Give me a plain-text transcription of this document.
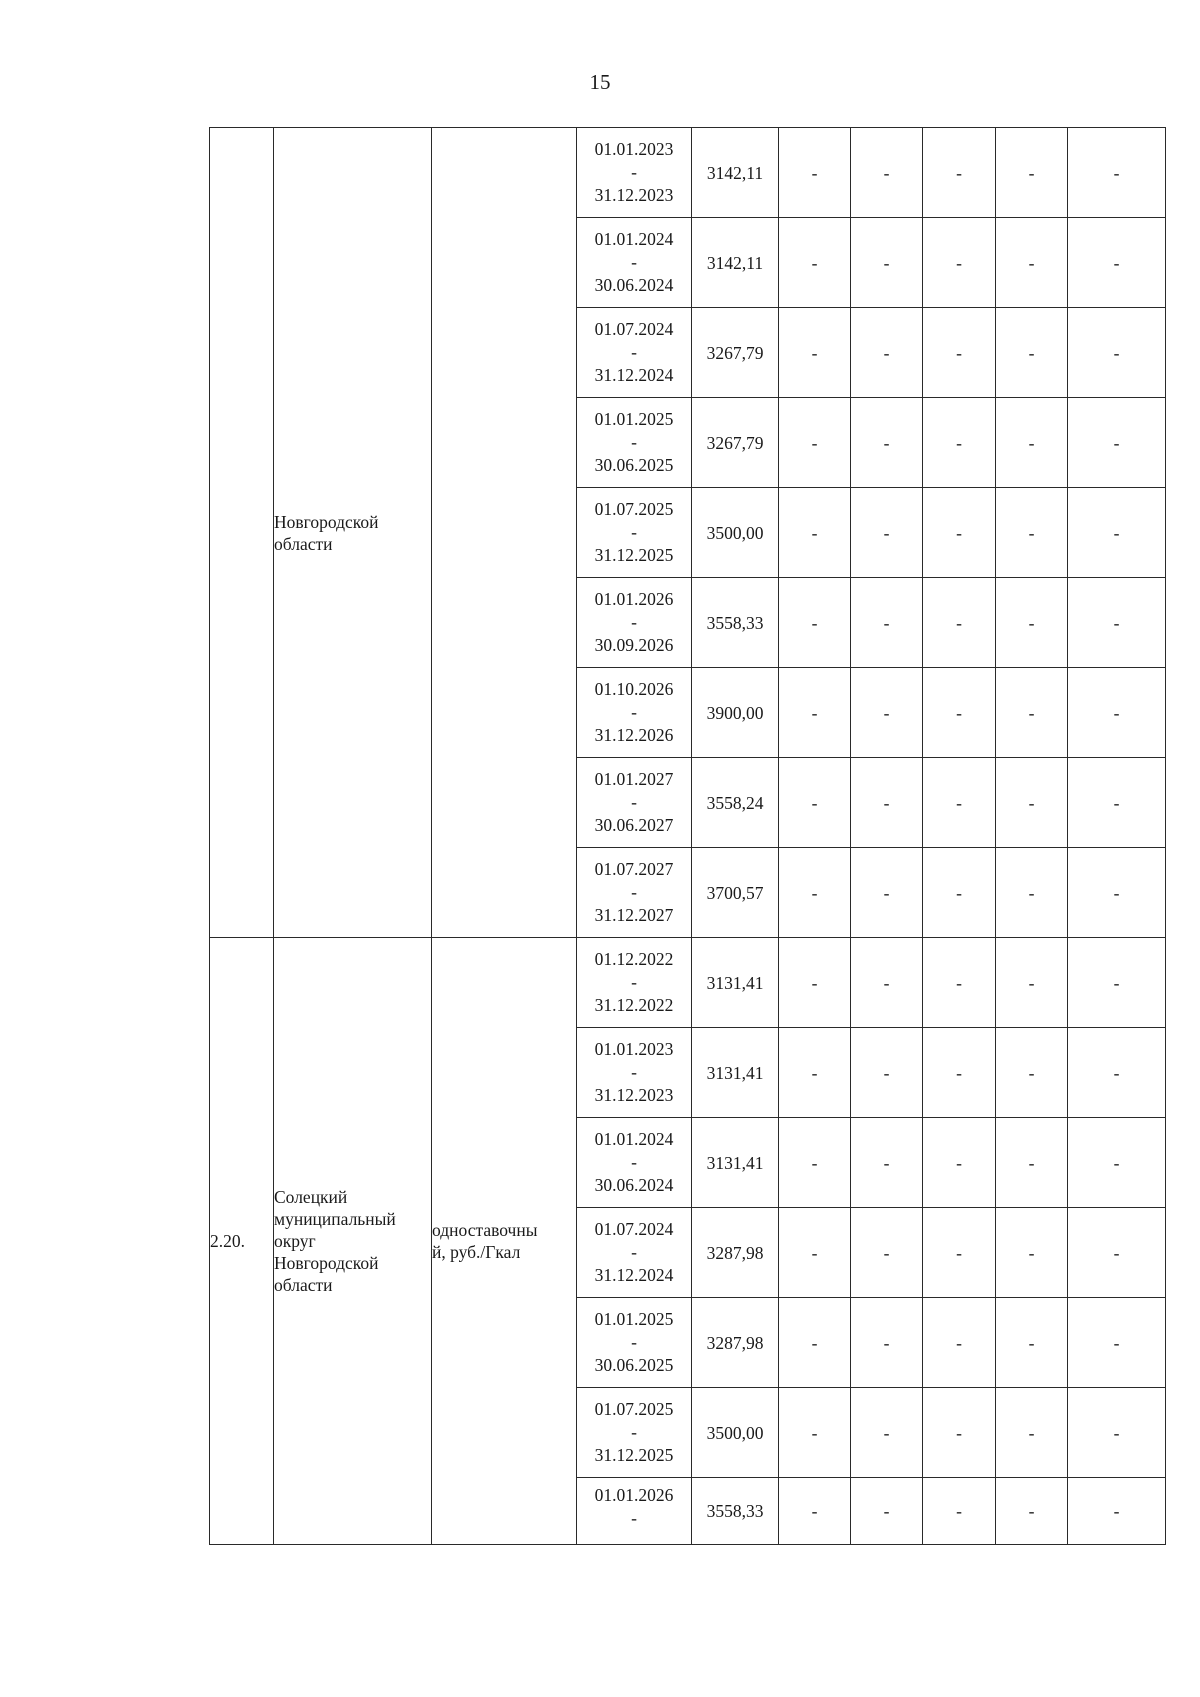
15

	Новгородской
области		01.01.2023
-
31.12.2023	3142,11	-	-	-	-	-

			01.01.2024
-
30.06.2024	3142,11	-	-	-	-	-

			01.07.2024
-
31.12.2024	3267,79	-	-	-	-	-

			01.01.2025
-
30.06.2025	3267,79	-	-	-	-	-

			01.07.2025
-
31.12.2025	3500,00	-	-	-	-	-

			01.01.2026
-
30.09.2026	3558,33	-	-	-	-	-

			01.10.2026
-
31.12.2026	3900,00	-	-	-	-	-

			01.01.2027
-
30.06.2027	3558,24	-	-	-	-	-

			01.07.2027
-
31.12.2027	3700,57	-	-	-	-	-

2.20.	Солецкий
муниципальный
округ
Новгородской
области	одноставочны
й, руб./Гкал	01.12.2022
-
31.12.2022	3131,41	-	-	-	-	-

			01.01.2023
-
31.12.2023	3131,41	-	-	-	-	-

			01.01.2024
-
30.06.2024	3131,41	-	-	-	-	-

			01.07.2024
-
31.12.2024	3287,98	-	-	-	-	-

			01.01.2025
-
30.06.2025	3287,98	-	-	-	-	-

			01.07.2025
-
31.12.2025	3500,00	-	-	-	-	-

			01.01.2026
-	3558,33	-	-	-	-	-
